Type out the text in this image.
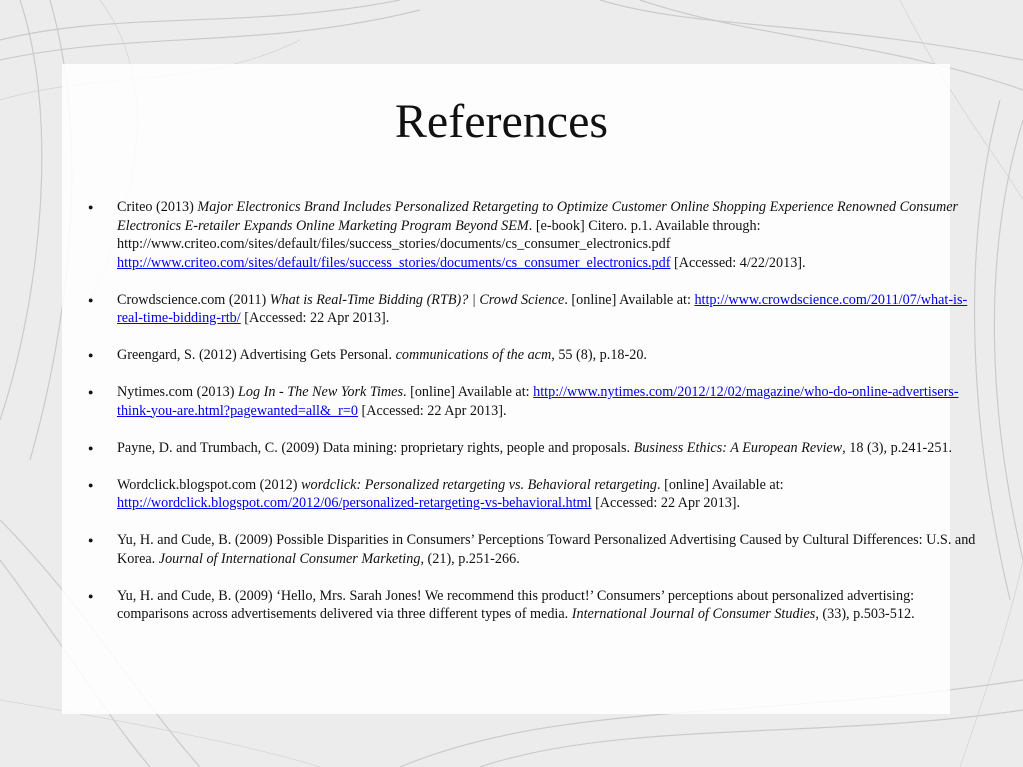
References
● Criteo (2013) Major Electronics Brand Includes Personalized Retargeting to Optimize Customer Online Shopping Experience Renowned Consumer Electronics E-retailer Expands Online Marketing Program Beyond SEM. [e-book] Citero. p.1. Available through: http://www.criteo.com/sites/default/files/success_stories/documents/cs_consumer_electronics.pdf http://www.criteo.com/sites/default/files/success_stories/documents/cs_consumer_electronics.pdf [Accessed: 4/22/2013].
● Crowdscience.com (2011) What is Real-Time Bidding (RTB)? | Crowd Science. [online] Available at: http://www.crowdscience.com/2011/07/what-is-real-time-bidding-rtb/ [Accessed: 22 Apr 2013].
● Greengard, S. (2012) Advertising Gets Personal. communications of the acm, 55 (8), p.18-20.
● Nytimes.com (2013) Log In - The New York Times. [online] Available at: http://www.nytimes.com/2012/12/02/magazine/who-do-online-advertisers-think-you-are.html?pagewanted=all&_r=0 [Accessed: 22 Apr 2013].
● Payne, D. and Trumbach, C. (2009) Data mining: proprietary rights, people and proposals. Business Ethics: A European Review, 18 (3), p.241-251.
● Wordclick.blogspot.com (2012) wordclick: Personalized retargeting vs. Behavioral retargeting. [online] Available at: http://wordclick.blogspot.com/2012/06/personalized-retargeting-vs-behavioral.html [Accessed: 22 Apr 2013].
● Yu, H. and Cude, B. (2009) Possible Disparities in Consumers’ Perceptions Toward Personalized Advertising Caused by Cultural Differences: U.S. and Korea. Journal of International Consumer Marketing, (21), p.251-266.
● Yu, H. and Cude, B. (2009) ‘Hello, Mrs. Sarah Jones! We recommend this product!’ Consumers’ perceptions about personalized advertising: comparisons across advertisements delivered via three different types of media. International Journal of Consumer Studies, (33), p.503-512.
